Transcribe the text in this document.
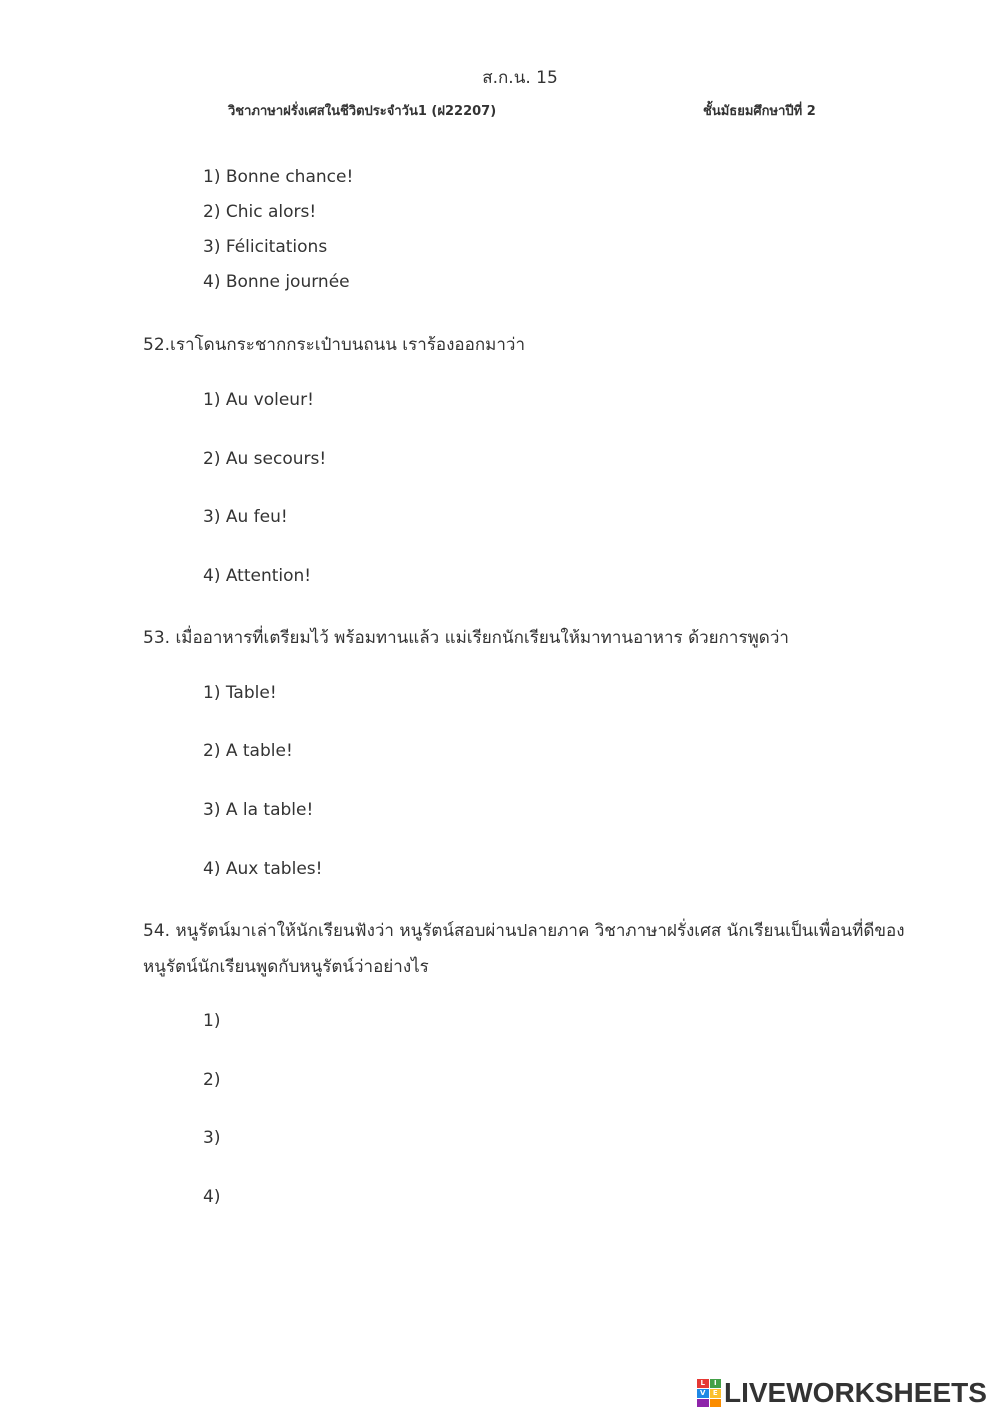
ส.ก.น. 15
วิชาภาษาฝรั่งเศสในชีวิตประจำวัน1 (ฝ22207)	ชั้นมัธยมศึกษาปีที่ 2
1) Bonne chance!
2) Chic alors!
3) Félicitations
4) Bonne journée
52.เราโดนกระชากกระเป๋าบนถนน เราร้องออกมาว่า
1) Au voleur!
2) Au secours!
3) Au feu!
4) Attention!
53. เมื่ออาหารที่เตรียมไว้ พร้อมทานแล้ว แม่เรียกนักเรียนให้มาทานอาหาร ด้วยการพูดว่า
1) Table!
2) A table!
3) A la table!
4) Aux tables!
54. หนูรัตน์มาเล่าให้นักเรียนฟังว่า หนูรัตน์สอบผ่านปลายภาค วิชาภาษาฝรั่งเศส นักเรียนเป็นเพื่อนที่ดีของ
หนูรัตน์นักเรียนพูดกับหนูรัตน์ว่าอย่างไร
1)
2)
3)
4)
L	I
V	E LIVEWORKSHEETS
